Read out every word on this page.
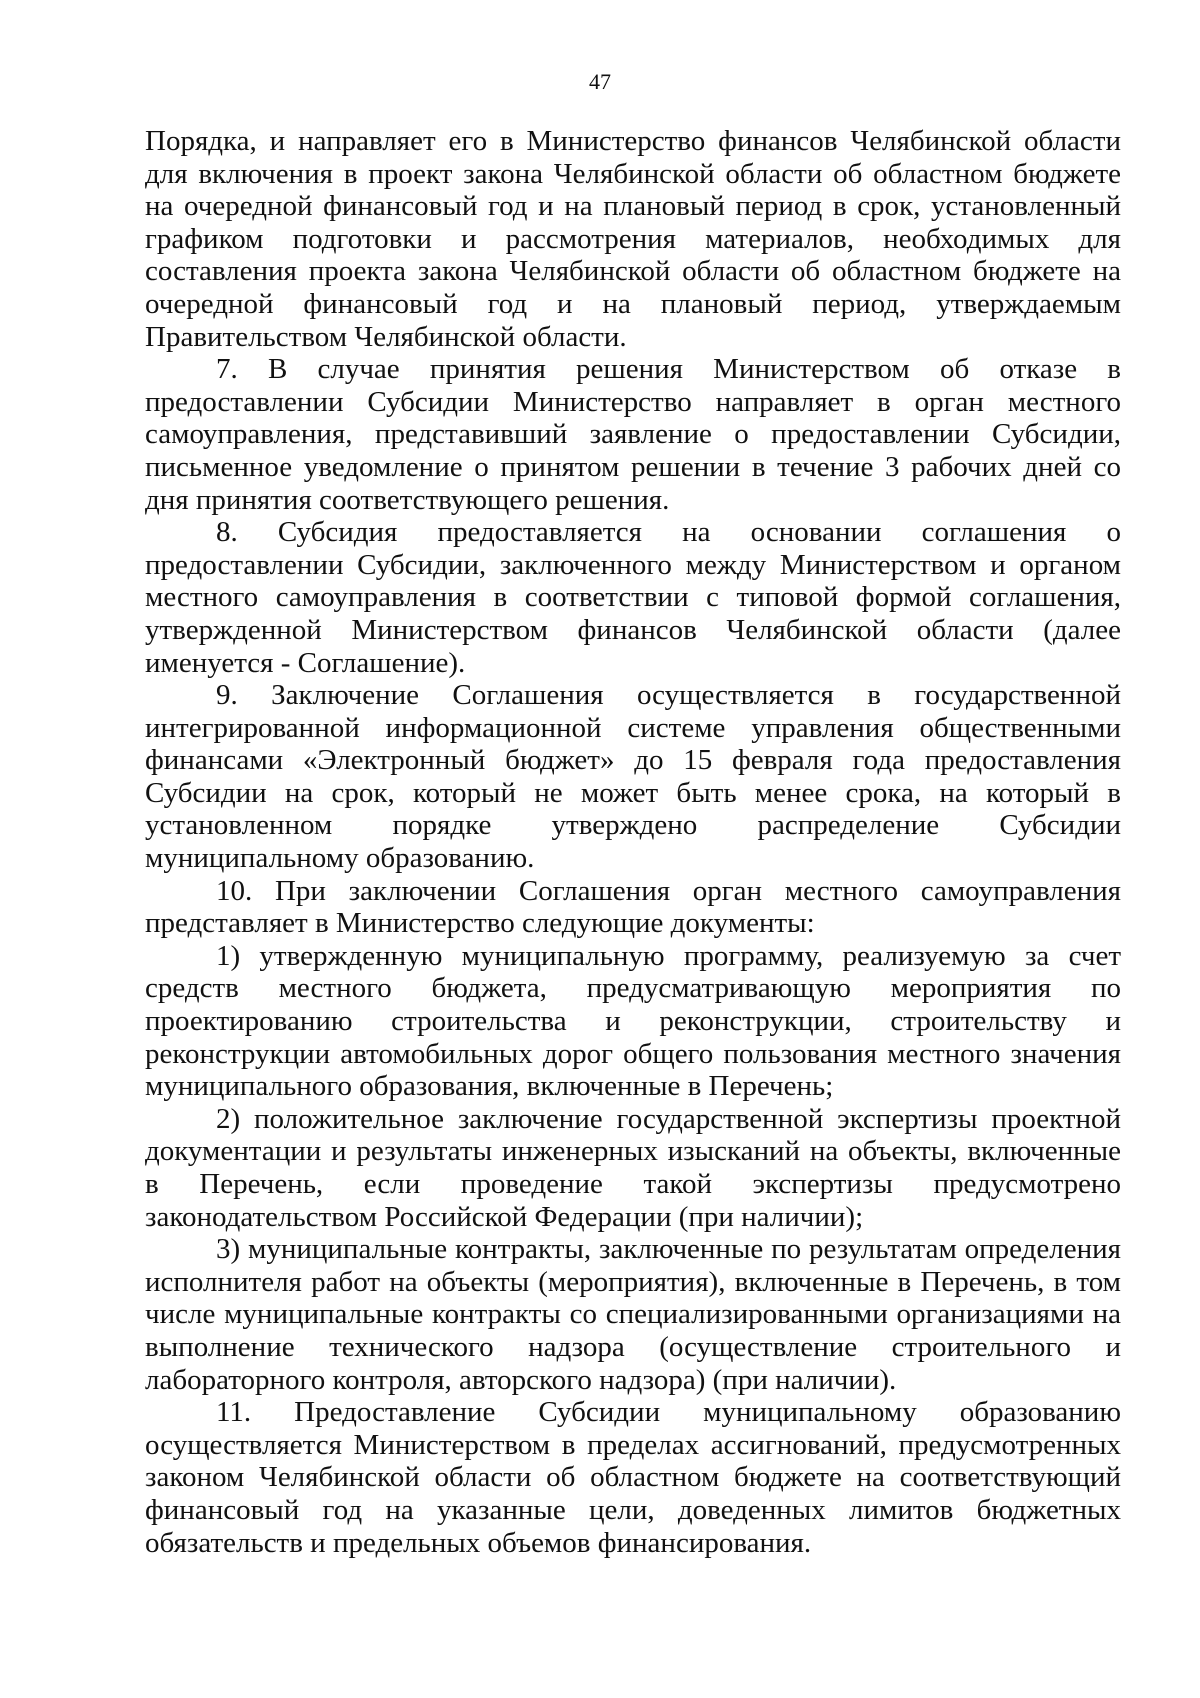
47

Порядка, и направляет его в Министерство финансов Челябинской области для включения в проект закона Челябинской области об областном бюджете на очередной финансовый год и на плановый период в срок, установленный графиком подготовки и рассмотрения материалов, необходимых для составления проекта закона Челябинской области об областном бюджете на очередной финансовый год и на плановый период, утверждаемым Правительством Челябинской области.

7. В случае принятия решения Министерством об отказе в предоставлении Субсидии Министерство направляет в орган местного самоуправления, представивший заявление о предоставлении Субсидии, письменное уведомление о принятом решении в течение 3 рабочих дней со дня принятия соответствующего решения.

8. Субсидия предоставляется на основании соглашения о предоставлении Субсидии, заключенного между Министерством и органом местного самоуправления в соответствии с типовой формой соглашения, утвержденной Министерством финансов Челябинской области (далее именуется - Соглашение).

9. Заключение Соглашения осуществляется в государственной интегрированной информационной системе управления общественными финансами «Электронный бюджет» до 15 февраля года предоставления Субсидии на срок, который не может быть менее срока, на который в установленном порядке утверждено распределение Субсидии муниципальному образованию.

10. При заключении Соглашения орган местного самоуправления представляет в Министерство следующие документы:

1) утвержденную муниципальную программу, реализуемую за счет средств местного бюджета, предусматривающую мероприятия по проектированию строительства и реконструкции, строительству и реконструкции автомобильных дорог общего пользования местного значения муниципального образования, включенные в Перечень;

2) положительное заключение государственной экспертизы проектной документации и результаты инженерных изысканий на объекты, включенные в Перечень, если проведение такой экспертизы предусмотрено законодательством Российской Федерации (при наличии);

3) муниципальные контракты, заключенные по результатам определения исполнителя работ на объекты (мероприятия), включенные в Перечень, в том числе муниципальные контракты со специализированными организациями на выполнение технического надзора (осуществление строительного и лабораторного контроля, авторского надзора) (при наличии).

11. Предоставление Субсидии муниципальному образованию осуществляется Министерством в пределах ассигнований, предусмотренных законом Челябинской области об областном бюджете на соответствующий финансовый год на указанные цели, доведенных лимитов бюджетных обязательств и предельных объемов финансирования.
